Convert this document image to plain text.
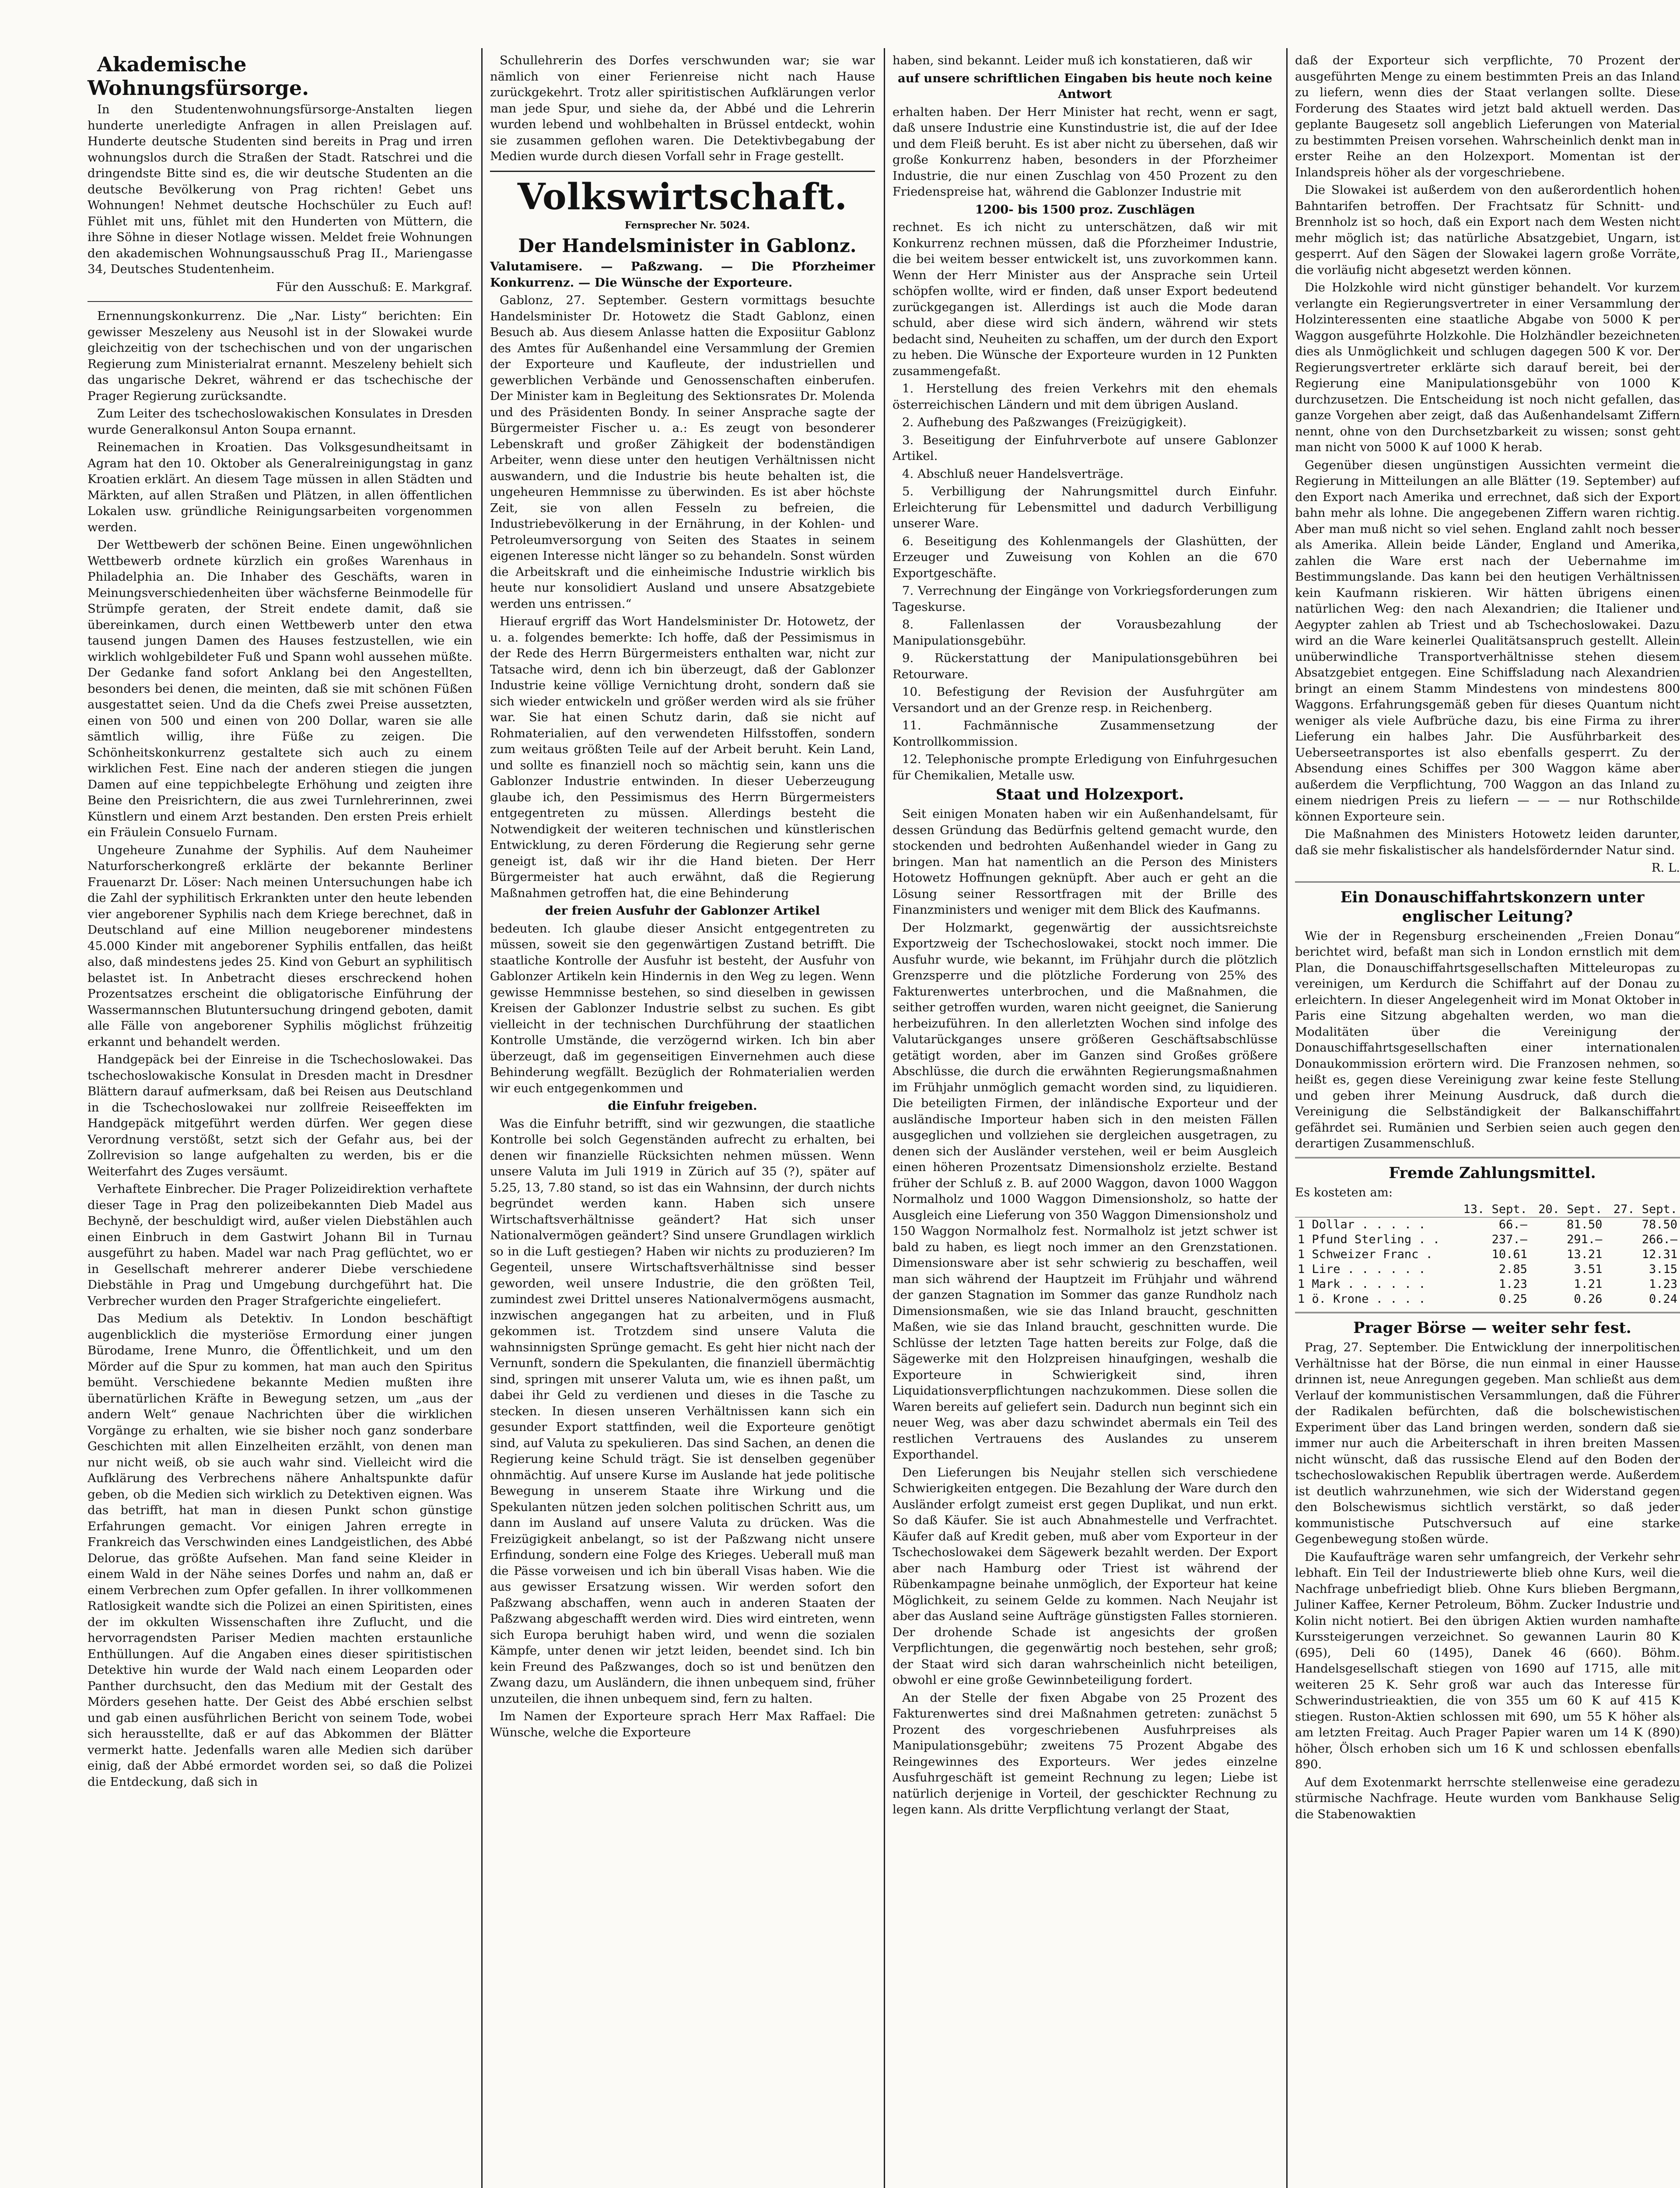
Akademische Wohnungsfürsorge.

In den Studentenwohnungsfürsorge-Anstalten liegen hunderte unerledigte Anfragen in allen Preislagen auf. Hunderte deutsche Studenten sind bereits in Prag und irren wohnungslos durch die Straßen der Stadt. Ratschrei und die dringendste Bitte sind es, die wir deutsche Studenten an die deutsche Bevölkerung von Prag richten! Gebet uns Wohnungen! Nehmet deutsche Hochschüler zu Euch auf! Fühlet mit uns, fühlet mit den Hunderten von Müttern, die ihre Söhne in dieser Notlage wissen. Meldet freie Wohnungen den akademischen Wohnungsausschuß Prag II., Mariengasse 34, Deutsches Studentenheim.

Für den Ausschuß: E. Markgraf.

Ernennungskonkurrenz. Die „Nar. Listy“ berichten: Ein gewisser Meszeleny aus Neusohl ist in der Slowakei wurde gleichzeitig von der tschechischen und von der ungarischen Regierung zum Ministerialrat ernannt. Meszeleny behielt sich das ungarische Dekret, während er das tschechische der Prager Regierung zurücksandte.

Zum Leiter des tschechoslowakischen Konsulates in Dresden wurde Generalkonsul Anton Soupa ernannt.

Reinemachen in Kroatien. Das Volksgesundheitsamt in Agram hat den 10. Oktober als Generalreinigungstag in ganz Kroatien erklärt. An diesem Tage müssen in allen Städten und Märkten, auf allen Straßen und Plätzen, in allen öffentlichen Lokalen usw. gründliche Reinigungsarbeiten vorgenommen werden.

Der Wettbewerb der schönen Beine. Einen ungewöhnlichen Wettbewerb ordnete kürzlich ein großes Warenhaus in Philadelphia an. Die Inhaber des Geschäfts, waren in Meinungsverschiedenheiten über wächsferne Beinmodelle für Strümpfe geraten, der Streit endete damit, daß sie übereinkamen, durch einen Wettbewerb unter den etwa tausend jungen Damen des Hauses festzustellen, wie ein wirklich wohlgebildeter Fuß und Spann wohl aussehen müßte. Der Gedanke fand sofort Anklang bei den Angestellten, besonders bei denen, die meinten, daß sie mit schönen Füßen ausgestattet seien. Und da die Chefs zwei Preise aussetzten, einen von 500 und einen von 200 Dollar, waren sie alle sämtlich willig, ihre Füße zu zeigen. Die Schönheitskonkurrenz gestaltete sich auch zu einem wirklichen Fest. Eine nach der anderen stiegen die jungen Damen auf eine teppichbelegte Erhöhung und zeigten ihre Beine den Preisrichtern, die aus zwei Turnlehrerinnen, zwei Künstlern und einem Arzt bestanden. Den ersten Preis erhielt ein Fräulein Consuelo Furnam.

Ungeheure Zunahme der Syphilis. Auf dem Nauheimer Naturforscherkongreß erklärte der bekannte Berliner Frauenarzt Dr. Löser: Nach meinen Untersuchungen habe ich die Zahl der syphilitisch Erkrankten unter den heute lebenden vier angeborener Syphilis nach dem Kriege berechnet, daß in Deutschland auf eine Million neugeborener mindestens 45.000 Kinder mit angeborener Syphilis entfallen, das heißt also, daß mindestens jedes 25. Kind von Geburt an syphilitisch belastet ist. In Anbetracht dieses erschreckend hohen Prozentsatzes erscheint die obligatorische Einführung der Wassermannschen Blutuntersuchung dringend geboten, damit alle Fälle von angeborener Syphilis möglichst frühzeitig erkannt und behandelt werden.

Handgepäck bei der Einreise in die Tschechoslowakei. Das tschechoslowakische Konsulat in Dresden macht in Dresdner Blättern darauf aufmerksam, daß bei Reisen aus Deutschland in die Tschechoslowakei nur zollfreie Reiseeffekten im Handgepäck mitgeführt werden dürfen. Wer gegen diese Verordnung verstößt, setzt sich der Gefahr aus, bei der Zollrevision so lange aufgehalten zu werden, bis er die Weiterfahrt des Zuges versäumt.

Verhaftete Einbrecher. Die Prager Polizeidirektion verhaftete dieser Tage in Prag den polizeibekannten Dieb Madel aus Bechyně, der beschuldigt wird, außer vielen Diebstählen auch einen Einbruch in dem Gastwirt Johann Bil in Turnau ausgeführt zu haben. Madel war nach Prag geflüchtet, wo er in Gesellschaft mehrerer anderer Diebe verschiedene Diebstähle in Prag und Umgebung durchgeführt hat. Die Verbrecher wurden den Prager Strafgerichte eingeliefert.

Das Medium als Detektiv. In London beschäftigt augenblicklich die mysteriöse Ermordung einer jungen Bürodame, Irene Munro, die Öffentlichkeit, und um den Mörder auf die Spur zu kommen, hat man auch den Spiritus bemüht. Verschiedene bekannte Medien mußten ihre übernatürlichen Kräfte in Bewegung setzen, um „aus der andern Welt“ genaue Nachrichten über die wirklichen Vorgänge zu erhalten, wie sie bisher noch ganz sonderbare Geschichten mit allen Einzelheiten erzählt, von denen man nur nicht weiß, ob sie auch wahr sind. Vielleicht wird die Aufklärung des Verbrechens nähere Anhaltspunkte dafür geben, ob die Medien sich wirklich zu Detektiven eignen. Was das betrifft, hat man in diesen Punkt schon günstige Erfahrungen gemacht. Vor einigen Jahren erregte in Frankreich das Verschwinden eines Landgeistlichen, des Abbé Delorue, das größte Aufsehen. Man fand seine Kleider in einem Wald in der Nähe seines Dorfes und nahm an, daß er einem Verbrechen zum Opfer gefallen. In ihrer vollkommenen Ratlosigkeit wandte sich die Polizei an einen Spiritisten, eines der im okkulten Wissenschaften ihre Zuflucht, und die hervorragendsten Pariser Medien machten erstaunliche Enthüllungen. Auf die Angaben eines dieser spiritistischen Detektive hin wurde der Wald nach einem Leoparden oder Panther durchsucht, den das Medium mit der Gestalt des Mörders gesehen hatte. Der Geist des Abbé erschien selbst und gab einen ausführlichen Bericht von seinem Tode, wobei sich herausstellte, daß er auf das Abkommen der Blätter vermerkt hatte. Jedenfalls waren alle Medien sich darüber einig, daß der Abbé ermordet worden sei, so daß die Polizei die Entdeckung, daß sich in

Schullehrerin des Dorfes verschwunden war; sie war nämlich von einer Ferienreise nicht nach Hause zurückgekehrt. Trotz aller spiritistischen Aufklärungen verlor man jede Spur, und siehe da, der Abbé und die Lehrerin wurden lebend und wohlbehalten in Brüssel entdeckt, wohin sie zusammen geflohen waren. Die Detektivbegabung der Medien wurde durch diesen Vorfall sehr in Frage gestellt.

Volkswirtschaft.

Fernsprecher Nr. 5024.

Der Handelsminister in Gablonz.

Valutamisere. — Paßzwang. — Die Pforzheimer Konkurrenz. — Die Wünsche der Exporteure.

Gablonz, 27. September. Gestern vormittags besuchte Handelsminister Dr. Hotowetz die Stadt Gablonz, einen Besuch ab. Aus diesem Anlasse hatten die Exposiitur Gablonz des Amtes für Außenhandel eine Versammlung der Gremien der Exporteure und Kaufleute, der industriellen und gewerblichen Verbände und Genossenschaften einberufen. Der Minister kam in Begleitung des Sektionsrates Dr. Molenda und des Präsidenten Bondy. In seiner Ansprache sagte der Bürgermeister Fischer u. a.: Es zeugt von besonderer Lebenskraft und großer Zähigkeit der bodenständigen Arbeiter, wenn diese unter den heutigen Verhältnissen nicht auswandern, und die Industrie bis heute behalten ist, die ungeheuren Hemmnisse zu überwinden. Es ist aber höchste Zeit, sie von allen Fesseln zu befreien, die Industriebevölkerung in der Ernährung, in der Kohlen- und Petroleumversorgung von Seiten des Staates in seinem eigenen Interesse nicht länger so zu behandeln. Sonst würden die Arbeitskraft und die einheimische Industrie wirklich bis heute nur konsolidiert Ausland und unsere Absatzgebiete werden uns entrissen.“

Hierauf ergriff das Wort Handelsminister Dr. Hotowetz, der u. a. folgendes bemerkte: Ich hoffe, daß der Pessimismus in der Rede des Herrn Bürgermeisters enthalten war, nicht zur Tatsache wird, denn ich bin überzeugt, daß der Gablonzer Industrie keine völlige Vernichtung droht, sondern daß sie sich wieder entwickeln und größer werden wird als sie früher war. Sie hat einen Schutz darin, daß sie nicht auf Rohmaterialien, auf den verwendeten Hilfsstoffen, sondern zum weitaus größten Teile auf der Arbeit beruht. Kein Land, und sollte es finanziell noch so mächtig sein, kann uns die Gablonzer Industrie entwinden. In dieser Ueberzeugung glaube ich, den Pessimismus des Herrn Bürgermeisters entgegentreten zu müssen. Allerdings besteht die Notwendigkeit der weiteren technischen und künstlerischen Entwicklung, zu deren Förderung die Regierung sehr gerne geneigt ist, daß wir ihr die Hand bieten. Der Herr Bürgermeister hat auch erwähnt, daß die Regierung Maßnahmen getroffen hat, die eine Behinderung

der freien Ausfuhr der Gablonzer Artikel

bedeuten. Ich glaube dieser Ansicht entgegentreten zu müssen, soweit sie den gegenwärtigen Zustand betrifft. Die staatliche Kontrolle der Ausfuhr ist besteht, der Ausfuhr von Gablonzer Artikeln kein Hindernis in den Weg zu legen. Wenn gewisse Hemmnisse bestehen, so sind dieselben in gewissen Kreisen der Gablonzer Industrie selbst zu suchen. Es gibt vielleicht in der technischen Durchführung der staatlichen Kontrolle Umstände, die verzögernd wirken. Ich bin aber überzeugt, daß im gegenseitigen Einvernehmen auch diese Behinderung wegfällt. Bezüglich der Rohmaterialien werden wir euch entgegenkommen und

die Einfuhr freigeben.

Was die Einfuhr betrifft, sind wir gezwungen, die staatliche Kontrolle bei solch Gegenständen aufrecht zu erhalten, bei denen wir finanzielle Rücksichten nehmen müssen. Wenn unsere Valuta im Juli 1919 in Zürich auf 35 (?), später auf 5.25, 13, 7.80 stand, so ist das ein Wahnsinn, der durch nichts begründet werden kann. Haben sich unsere Wirtschaftsverhältnisse geändert? Hat sich unser Nationalvermögen geändert? Sind unsere Grundlagen wirklich so in die Luft gestiegen? Haben wir nichts zu produzieren? Im Gegenteil, unsere Wirtschaftsverhältnisse sind besser geworden, weil unsere Industrie, die den größten Teil, zumindest zwei Drittel unseres Nationalvermögens ausmacht, inzwischen angegangen hat zu arbeiten, und in Fluß gekommen ist. Trotzdem sind unsere Valuta die wahnsinnigsten Sprünge gemacht. Es geht hier nicht nach der Vernunft, sondern die Spekulanten, die finanziell übermächtig sind, springen mit unserer Valuta um, wie es ihnen paßt, um dabei ihr Geld zu verdienen und dieses in die Tasche zu stecken. In diesen unseren Verhältnissen kann sich ein gesunder Export stattfinden, weil die Exporteure genötigt sind, auf Valuta zu spekulieren. Das sind Sachen, an denen die Regierung keine Schuld trägt. Sie ist denselben gegenüber ohnmächtig. Auf unsere Kurse im Auslande hat jede politische Bewegung in unserem Staate ihre Wirkung und die Spekulanten nützen jeden solchen politischen Schritt aus, um dann im Ausland auf unsere Valuta zu drücken. Was die Freizügigkeit anbelangt, so ist der Paßzwang nicht unsere Erfindung, sondern eine Folge des Krieges. Ueberall muß man die Pässe vorweisen und ich bin überall Visas haben. Wie die aus gewisser Ersatzung wissen. Wir werden sofort den Paßzwang abschaffen, wenn auch in anderen Staaten der Paßzwang abgeschafft werden wird. Dies wird eintreten, wenn sich Europa beruhigt haben wird, und wenn die sozialen Kämpfe, unter denen wir jetzt leiden, beendet sind. Ich bin kein Freund des Paßzwanges, doch so ist und benützen den Zwang dazu, um Ausländern, die ihnen unbequem sind, früher unzuteilen, die ihnen unbequem sind, fern zu halten.

Im Namen der Exporteure sprach Herr Max Raffael: Die Wünsche, welche die Exporteure

haben, sind bekannt. Leider muß ich konstatieren, daß wir

auf unsere schriftlichen Eingaben bis heute noch keine Antwort

erhalten haben. Der Herr Minister hat recht, wenn er sagt, daß unsere Industrie eine Kunstindustrie ist, die auf der Idee und dem Fleiß beruht. Es ist aber nicht zu übersehen, daß wir große Konkurrenz haben, besonders in der Pforzheimer Industrie, die nur einen Zuschlag von 450 Prozent zu den Friedenspreise hat, während die Gablonzer Industrie mit

1200- bis 1500 proz. Zuschlägen

rechnet. Es ich nicht zu unterschätzen, daß wir mit Konkurrenz rechnen müssen, daß die Pforzheimer Industrie, die bei weitem besser entwickelt ist, uns zuvorkommen kann. Wenn der Herr Minister aus der Ansprache sein Urteil schöpfen wollte, wird er finden, daß unser Export bedeutend zurückgegangen ist. Allerdings ist auch die Mode daran schuld, aber diese wird sich ändern, während wir stets bedacht sind, Neuheiten zu schaffen, um der durch den Export zu heben. Die Wünsche der Exporteure wurden in 12 Punkten zusammengefaßt.

1. Herstellung des freien Verkehrs mit den ehemals österreichischen Ländern und mit dem übrigen Ausland.

2. Aufhebung des Paßzwanges (Freizügigkeit).

3. Beseitigung der Einfuhrverbote auf unsere Gablonzer Artikel.

4. Abschluß neuer Handelsverträge.

5. Verbilligung der Nahrungsmittel durch Einfuhr. Erleichterung für Lebensmittel und dadurch Verbilligung unserer Ware.

6. Beseitigung des Kohlenmangels der Glashütten, der Erzeuger und Zuweisung von Kohlen an die 670 Exportgeschäfte.

7. Verrechnung der Eingänge von Vorkriegsforderungen zum Tageskurse.

8. Fallenlassen der Vorausbezahlung der Manipulationsgebühr.

9. Rückerstattung der Manipulationsgebühren bei Retourware.

10. Befestigung der Revision der Ausfuhrgüter am Versandort und an der Grenze resp. in Reichenberg.

11. Fachmännische Zusammensetzung der Kontrollkommission.

12. Telephonische prompte Erledigung von Einfuhrgesuchen für Chemikalien, Metalle usw.

Staat und Holzexport.

Seit einigen Monaten haben wir ein Außenhandelsamt, für dessen Gründung das Bedürfnis geltend gemacht wurde, den stockenden und bedrohten Außenhandel wieder in Gang zu bringen. Man hat namentlich an die Person des Ministers Hotowetz Hoffnungen geknüpft. Aber auch er geht an die Lösung seiner Ressortfragen mit der Brille des Finanzministers und weniger mit dem Blick des Kaufmanns.

Der Holzmarkt, gegenwärtig der aussichtsreichste Exportzweig der Tschechoslowakei, stockt noch immer. Die Ausfuhr wurde, wie bekannt, im Frühjahr durch die plötzlich Grenzsperre und die plötzliche Forderung von 25% des Fakturenwertes unterbrochen, und die Maßnahmen, die seither getroffen wurden, waren nicht geeignet, die Sanierung herbeizuführen. In den allerletzten Wochen sind infolge des Valutarückganges unsere größeren Geschäftsabschlüsse getätigt worden, aber im Ganzen sind Großes größere Abschlüsse, die durch die erwähnten Regierungsmaßnahmen im Frühjahr unmöglich gemacht worden sind, zu liquidieren. Die beteiligten Firmen, der inländische Exporteur und der ausländische Importeur haben sich in den meisten Fällen ausgeglichen und vollziehen sie dergleichen ausgetragen, zu denen sich der Ausländer verstehen, weil er beim Ausgleich einen höheren Prozentsatz Dimensionsholz erzielte. Bestand früher der Schluß z. B. auf 2000 Waggon, davon 1000 Waggon Normalholz und 1000 Waggon Dimensionsholz, so hatte der Ausgleich eine Lieferung von 350 Waggon Dimensionsholz und 150 Waggon Normalholz fest. Normalholz ist jetzt schwer ist bald zu haben, es liegt noch immer an den Grenzstationen. Dimensionsware aber ist sehr schwierig zu beschaffen, weil man sich während der Hauptzeit im Frühjahr und während der ganzen Stagnation im Sommer das ganze Rundholz nach Dimensionsmaßen, wie sie das Inland braucht, geschnitten Maßen, wie sie das Inland braucht, geschnitten wurde. Die Schlüsse der letzten Tage hatten bereits zur Folge, daß die Sägewerke mit den Holzpreisen hinaufgingen, weshalb die Exporteure in Schwierigkeit sind, ihren Liquidationsverpflichtungen nachzukommen. Diese sollen die Waren bereits auf geliefert sein. Dadurch nun beginnt sich ein neuer Weg, was aber dazu schwindet abermals ein Teil des restlichen Vertrauens des Auslandes zu unserem Exporthandel.

Den Lieferungen bis Neujahr stellen sich verschiedene Schwierigkeiten entgegen. Die Bezahlung der Ware durch den Ausländer erfolgt zumeist erst gegen Duplikat, und nun erkt. So daß Käufer. Sie ist auch Abnahmestelle und Verfrachtet. Käufer daß auf Kredit geben, muß aber vom Exporteur in der Tschechoslowakei dem Sägewerk bezahlt werden. Der Export aber nach Hamburg oder Triest ist während der Rübenkampagne beinahe unmöglich, der Exporteur hat keine Möglichkeit, zu seinem Gelde zu kommen. Nach Neujahr ist aber das Ausland seine Aufträge günstigsten Falles stornieren. Der drohende Schade ist angesichts der großen Verpflichtungen, die gegenwärtig noch bestehen, sehr groß; der Staat wird sich daran wahrscheinlich nicht beteiligen, obwohl er eine große Gewinnbeteiligung fordert.

An der Stelle der fixen Abgabe von 25 Prozent des Fakturenwertes sind drei Maßnahmen getreten: zunächst 5 Prozent des vorgeschriebenen Ausfuhrpreises als Manipulationsgebühr; zweitens 75 Prozent Abgabe des Reingewinnes des Exporteurs. Wer jedes einzelne Ausfuhrgeschäft ist gemeint Rechnung zu legen; Liebe ist natürlich derjenige in Vorteil, der geschickter Rechnung zu legen kann. Als dritte Verpflichtung verlangt der Staat,

daß der Exporteur sich verpflichte, 70 Prozent der ausgeführten Menge zu einem bestimmten Preis an das Inland zu liefern, wenn dies der Staat verlangen sollte. Diese Forderung des Staates wird jetzt bald aktuell werden. Das geplante Baugesetz soll angeblich Lieferungen von Material zu bestimmten Preisen vorsehen. Wahrscheinlich denkt man in erster Reihe an den Holzexport. Momentan ist der Inlandspreis höher als der vorgeschriebene.

Die Slowakei ist außerdem von den außerordentlich hohen Bahntarifen betroffen. Der Frachtsatz für Schnitt- und Brennholz ist so hoch, daß ein Export nach dem Westen nicht mehr möglich ist; das natürliche Absatzgebiet, Ungarn, ist gesperrt. Auf den Sägen der Slowakei lagern große Vorräte, die vorläufig nicht abgesetzt werden können.

Die Holzkohle wird nicht günstiger behandelt. Vor kurzem verlangte ein Regierungsvertreter in einer Versammlung der Holzinteressenten eine staatliche Abgabe von 5000 K per Waggon ausgeführte Holzkohle. Die Holzhändler bezeichneten dies als Unmöglichkeit und schlugen dagegen 500 K vor. Der Regierungsvertreter erklärte sich darauf bereit, bei der Regierung eine Manipulationsgebühr von 1000 K durchzusetzen. Die Entscheidung ist noch nicht gefallen, das ganze Vorgehen aber zeigt, daß das Außenhandelsamt Ziffern nennt, ohne von den Durchsetzbarkeit zu wissen; sonst geht man nicht von 5000 K auf 1000 K herab.

Gegenüber diesen ungünstigen Aussichten vermeint die Regierung in Mitteilungen an alle Blätter (19. September) auf den Export nach Amerika und errechnet, daß sich der Export bahn mehr als lohne. Die angegebenen Ziffern waren richtig. Aber man muß nicht so viel sehen. England zahlt noch besser als Amerika. Allein beide Länder, England und Amerika, zahlen die Ware erst nach der Uebernahme im Bestimmungslande. Das kann bei den heutigen Verhältnissen kein Kaufmann riskieren. Wir hätten übrigens einen natürlichen Weg: den nach Alexandrien; die Italiener und Aegypter zahlen ab Triest und ab Tschechoslowakei. Dazu wird an die Ware keinerlei Qualitätsanspruch gestellt. Allein unüberwindliche Transportverhältnisse stehen diesem Absatzgebiet entgegen. Eine Schiffsladung nach Alexandrien bringt an einem Stamm Mindestens von mindestens 800 Waggons. Erfahrungsgemäß geben für dieses Quantum nicht weniger als viele Aufbrüche dazu, bis eine Firma zu ihrer Lieferung ein halbes Jahr. Die Ausführbarkeit des Ueberseetransportes ist also ebenfalls gesperrt. Zu der Absendung eines Schiffes per 300 Waggon käme aber außerdem die Verpflichtung, 700 Waggon an das Inland zu einem niedrigen Preis zu liefern — — — nur Rothschilde können Exporteure sein.

Die Maßnahmen des Ministers Hotowetz leiden darunter, daß sie mehr fiskalistischer als handelsfördernder Natur sind.

R. L.

Ein Donauschiffahrtskonzern unter englischer Leitung?

Wie der in Regensburg erscheinenden „Freien Donau“ berichtet wird, befaßt man sich in London ernstlich mit dem Plan, die Donauschiffahrtsgesellschaften Mitteleuropas zu vereinigen, um Kerdurch die Schiffahrt auf der Donau zu erleichtern. In dieser Angelegenheit wird im Monat Oktober in Paris eine Sitzung abgehalten werden, wo man die Modalitäten über die Vereinigung der Donauschiffahrtsgesellschaften einer internationalen Donaukommission erörtern wird. Die Franzosen nehmen, so heißt es, gegen diese Vereinigung zwar keine feste Stellung und geben ihrer Meinung Ausdruck, daß durch die Vereinigung die Selbständigkeit der Balkanschiffahrt gefährdet sei. Rumänien und Serbien seien auch gegen den derartigen Zusammenschluß.

Fremde Zahlungsmittel.

Es kosteten am:

	13. Sept.	20. Sept.	27. Sept.
1 Dollar . . . . .	66.—	81.50	78.50
1 Pfund Sterling . .	237.—	291.—	266.—
1 Schweizer Franc .	10.61	13.21	12.31
1 Lire . . . . . .	2.85	3.51	3.15
1 Mark . . . . . .	1.23	1.21	1.23
1 ö. Krone . . . .	0.25	0.26	0.24

Prager Börse — weiter sehr fest.

Prag, 27. September. Die Entwicklung der innerpolitischen Verhältnisse hat der Börse, die nun einmal in einer Hausse drinnen ist, neue Anregungen gegeben. Man schließt aus dem Verlauf der kommunistischen Versammlungen, daß die Führer der Radikalen befürchten, daß die bolschewistischen Experiment über das Land bringen werden, sondern daß sie immer nur auch die Arbeiterschaft in ihren breiten Massen nicht wünscht, daß das russische Elend auf den Boden der tschechoslowakischen Republik übertragen werde. Außerdem ist deutlich wahrzunehmen, wie sich der Widerstand gegen den Bolschewismus sichtlich verstärkt, so daß jeder kommunistische Putschversuch auf eine starke Gegenbewegung stoßen würde.

Die Kaufaufträge waren sehr umfangreich, der Verkehr sehr lebhaft. Ein Teil der Industriewerte blieb ohne Kurs, weil die Nachfrage unbefriedigt blieb. Ohne Kurs blieben Bergmann, Juliner Kaffee, Kerner Petroleum, Böhm. Zucker Industrie und Kolin nicht notiert. Bei den übrigen Aktien wurden namhafte Kurssteigerungen verzeichnet. So gewannen Laurin 80 K (695), Deli 60 (1495), Danek 46 (660). Böhm. Handelsgesellschaft stiegen von 1690 auf 1715, alle mit weiteren 25 K. Sehr groß war auch das Interesse für Schwerindustrieaktien, die von 355 um 60 K auf 415 K stiegen. Ruston-Aktien schlossen mit 690, um 55 K höher als am letzten Freitag. Auch Prager Papier waren um 14 K (890) höher, Ölsch erhoben sich um 16 K und schlossen ebenfalls 890.

Auf dem Exotenmarkt herrschte stellenweise eine geradezu stürmische Nachfrage. Heute wurden vom Bankhause Selig die Stabenowaktien
